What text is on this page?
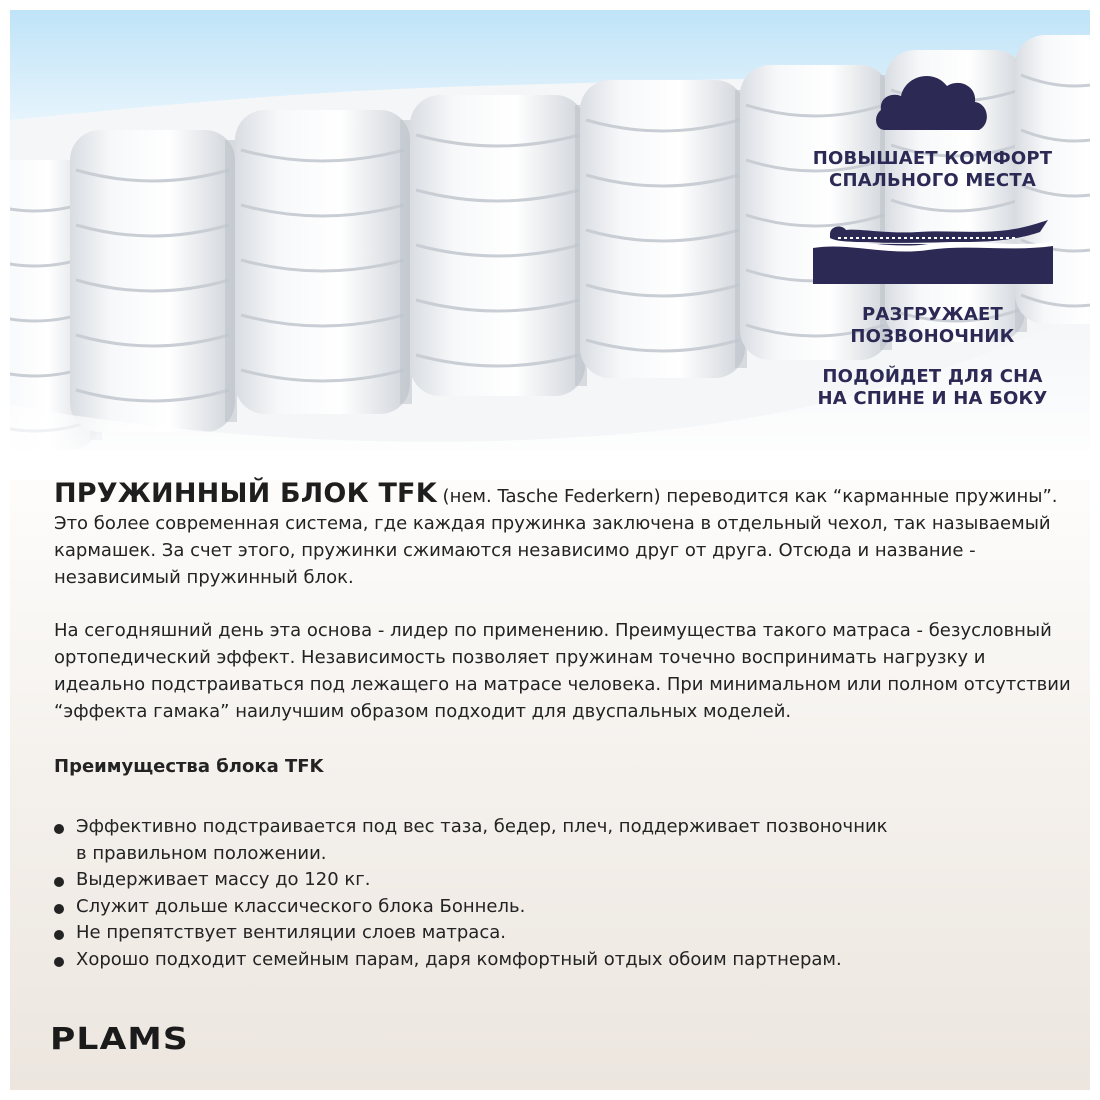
ПОВЫШАЕТ КОМФОРТ
СПАЛЬНОГО МЕСТА
РАЗГРУЖАЕТ
ПОЗВОНОЧНИК
ПОДОЙДЕТ ДЛЯ СНА
НА СПИНЕ И НА БОКУ

ПРУЖИННЫЙ БЛОК TFK (нем. Tasche Federkern) переводится как “карманные пружины”. Это более современная система, где каждая пружинка заключена в отдельный чехол, так называемый кармашек. За счет этого, пружинки сжимаются независимо друг от друга. Отсюда и название - независимый пружинный блок.

На сегодняшний день эта основа - лидер по применению. Преимущества такого матраса - безусловный ортопедический эффект. Независимость позволяет пружинам точечно воспринимать нагрузку и идеально подстраиваться под лежащего на матрасе человека. При минимальном или полном отсутствии “эффекта гамака” наилучшим образом подходит для двуспальных моделей.

Преимущества блока TFK
Эффективно подстраивается под вес таза, бедер, плеч, поддерживает позвоночник
в правильном положении.
Выдерживает массу до 120 кг.
Служит дольше классического блока Боннель.
Не препятствует вентиляции слоев матраса.
Хорошо подходит семейным парам, даря комфортный отдых обоим партнерам.
PLAMS
